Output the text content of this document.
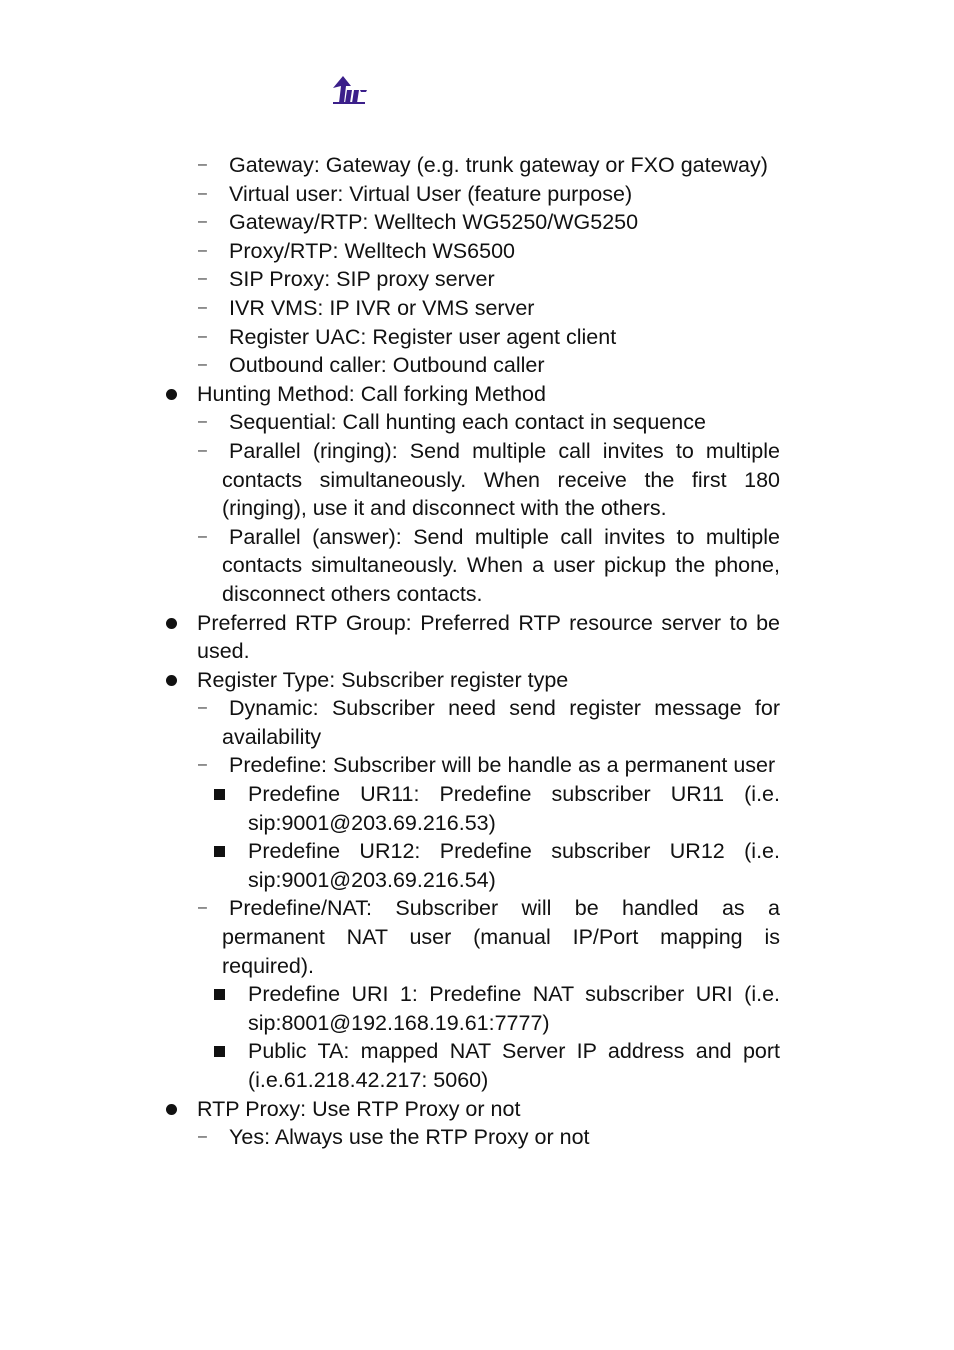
– Gateway: Gateway (e.g. trunk gateway or FXO gateway)
– Virtual user: Virtual User (feature purpose)
– Gateway/RTP: Welltech WG5250/WG5250
– Proxy/RTP: Welltech WS6500
– SIP Proxy: SIP proxy server
– IVR VMS: IP IVR or VMS server
– Register UAC: Register user agent client
– Outbound caller: Outbound caller
Hunting Method: Call forking Method
– Sequential: Call hunting each contact in sequence
– Parallel (ringing): Send multiple call invites to multiple contacts simultaneously. When receive the first 180 (ringing), use it and disconnect with the others.
– Parallel (answer): Send multiple call invites to multiple contacts simultaneously. When a user pickup the phone, disconnect others contacts.
Preferred RTP Group: Preferred RTP resource server to be used.
Register Type: Subscriber register type
– Dynamic: Subscriber need send register message for availability
– Predefine: Subscriber will be handle as a permanent user
Predefine UR11: Predefine subscriber UR11 (i.e. sip:9001@203.69.216.53)
Predefine UR12: Predefine subscriber UR12 (i.e. sip:9001@203.69.216.54)
– Predefine/NAT: Subscriber will be handled as a permanent NAT user (manual IP/Port mapping is required).
Predefine URI 1: Predefine NAT subscriber URI (i.e. sip:8001@192.168.19.61:7777)
Public TA: mapped NAT Server IP address and port (i.e.61.218.42.217: 5060)
RTP Proxy: Use RTP Proxy or not
– Yes: Always use the RTP Proxy or not
